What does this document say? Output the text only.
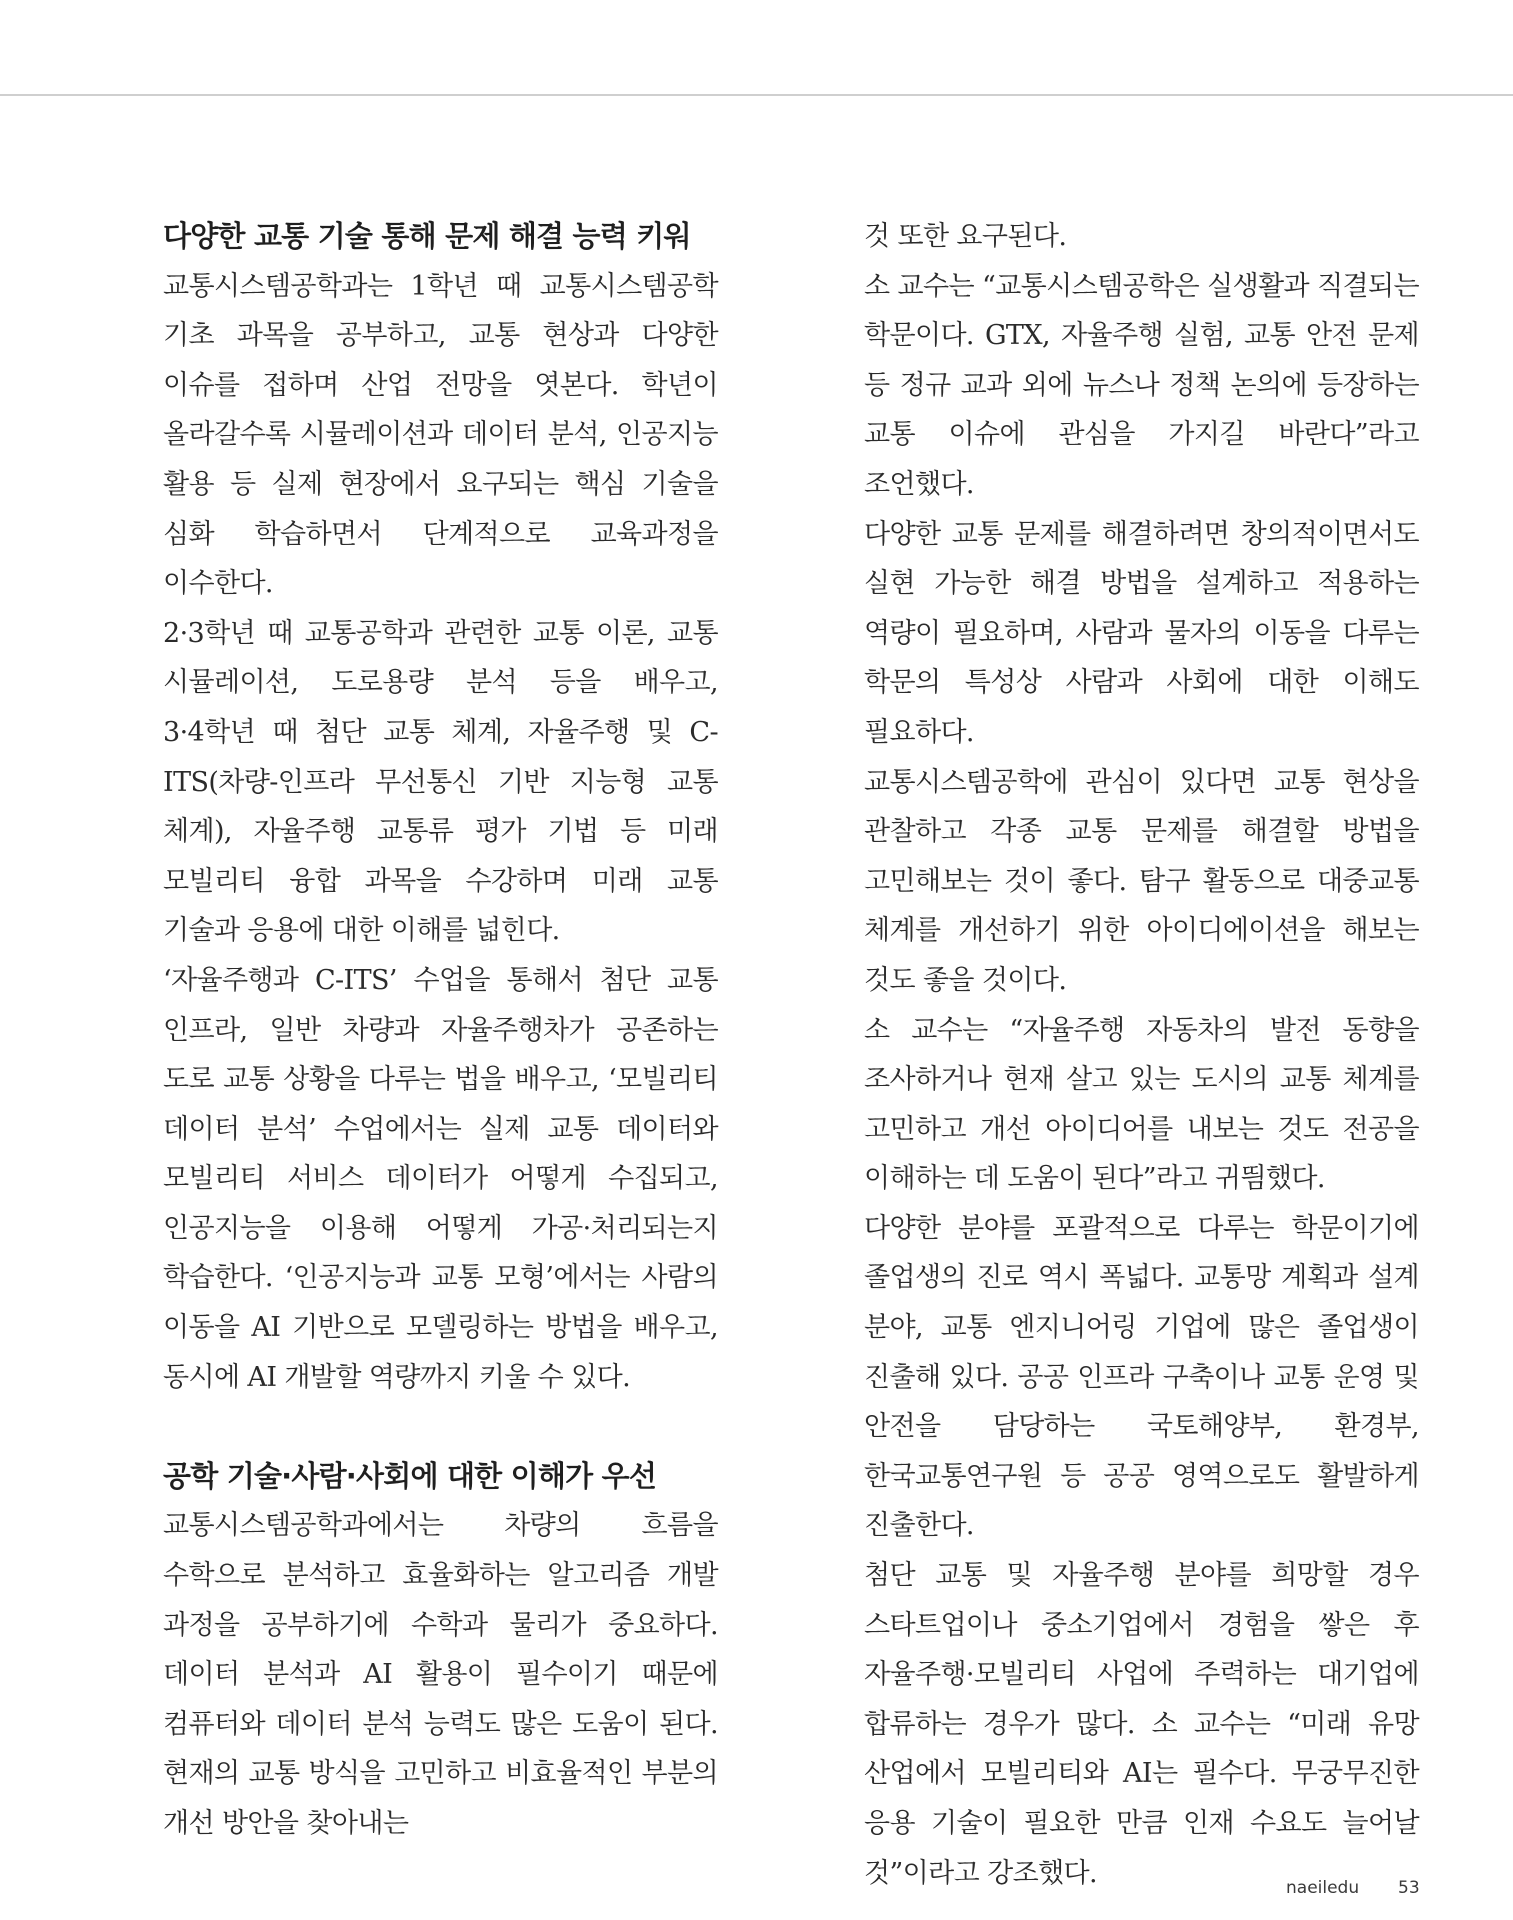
다양한 교통 기술 통해 문제 해결 능력 키워

교통시스템공학과는 1학년 때 교통시스템공학 기초 과목을 공부하고, 교통 현상과 다양한 이슈를 접하며 산업 전망을 엿본다. 학년이 올라갈수록 시뮬레이션과 데이터 분석, 인공지능 활용 등 실제 현장에서 요구되는 핵심 기술을 심화 학습하면서 단계적으로 교육과정을 이수한다.

2·3학년 때 교통공학과 관련한 교통 이론, 교통 시뮬레이션, 도로용량 분석 등을 배우고, 3·4학년 때 첨단 교통 체계, 자율주행 및 C-ITS(차량-인프라 무선통신 기반 지능형 교통 체계), 자율주행 교통류 평가 기법 등 미래 모빌리티 융합 과목을 수강하며 미래 교통 기술과 응용에 대한 이해를 넓힌다.

‘자율주행과 C-ITS’ 수업을 통해서 첨단 교통 인프라, 일반 차량과 자율주행차가 공존하는 도로 교통 상황을 다루는 법을 배우고, ‘모빌리티 데이터 분석’ 수업에서는 실제 교통 데이터와 모빌리티 서비스 데이터가 어떻게 수집되고, 인공지능을 이용해 어떻게 가공·처리되는지 학습한다. ‘인공지능과 교통 모형’에서는 사람의 이동을 AI 기반으로 모델링하는 방법을 배우고, 동시에 AI 개발할 역량까지 키울 수 있다.

공학 기술·사람·사회에 대한 이해가 우선

교통시스템공학과에서는 차량의 흐름을 수학으로 분석하고 효율화하는 알고리즘 개발 과정을 공부하기에 수학과 물리가 중요하다. 데이터 분석과 AI 활용이 필수이기 때문에 컴퓨터와 데이터 분석 능력도 많은 도움이 된다. 현재의 교통 방식을 고민하고 비효율적인 부분의 개선 방안을 찾아내는

것 또한 요구된다.

소 교수는 “교통시스템공학은 실생활과 직결되는 학문이다. GTX, 자율주행 실험, 교통 안전 문제 등 정규 교과 외에 뉴스나 정책 논의에 등장하는 교통 이슈에 관심을 가지길 바란다”라고 조언했다.

다양한 교통 문제를 해결하려면 창의적이면서도 실현 가능한 해결 방법을 설계하고 적용하는 역량이 필요하며, 사람과 물자의 이동을 다루는 학문의 특성상 사람과 사회에 대한 이해도 필요하다.

교통시스템공학에 관심이 있다면 교통 현상을 관찰하고 각종 교통 문제를 해결할 방법을 고민해보는 것이 좋다. 탐구 활동으로 대중교통 체계를 개선하기 위한 아이디에이션을 해보는 것도 좋을 것이다.

소 교수는 “자율주행 자동차의 발전 동향을 조사하거나 현재 살고 있는 도시의 교통 체계를 고민하고 개선 아이디어를 내보는 것도 전공을 이해하는 데 도움이 된다”라고 귀띔했다.

다양한 분야를 포괄적으로 다루는 학문이기에 졸업생의 진로 역시 폭넓다. 교통망 계획과 설계 분야, 교통 엔지니어링 기업에 많은 졸업생이 진출해 있다. 공공 인프라 구축이나 교통 운영 및 안전을 담당하는 국토해양부, 환경부, 한국교통연구원 등 공공 영역으로도 활발하게 진출한다.

첨단 교통 및 자율주행 분야를 희망할 경우 스타트업이나 중소기업에서 경험을 쌓은 후 자율주행·모빌리티 사업에 주력하는 대기업에 합류하는 경우가 많다. 소 교수는 “미래 유망 산업에서 모빌리티와 AI는 필수다. 무궁무진한 응용 기술이 필요한 만큼 인재 수요도 늘어날 것”이라고 강조했다.	naeiledu 53
